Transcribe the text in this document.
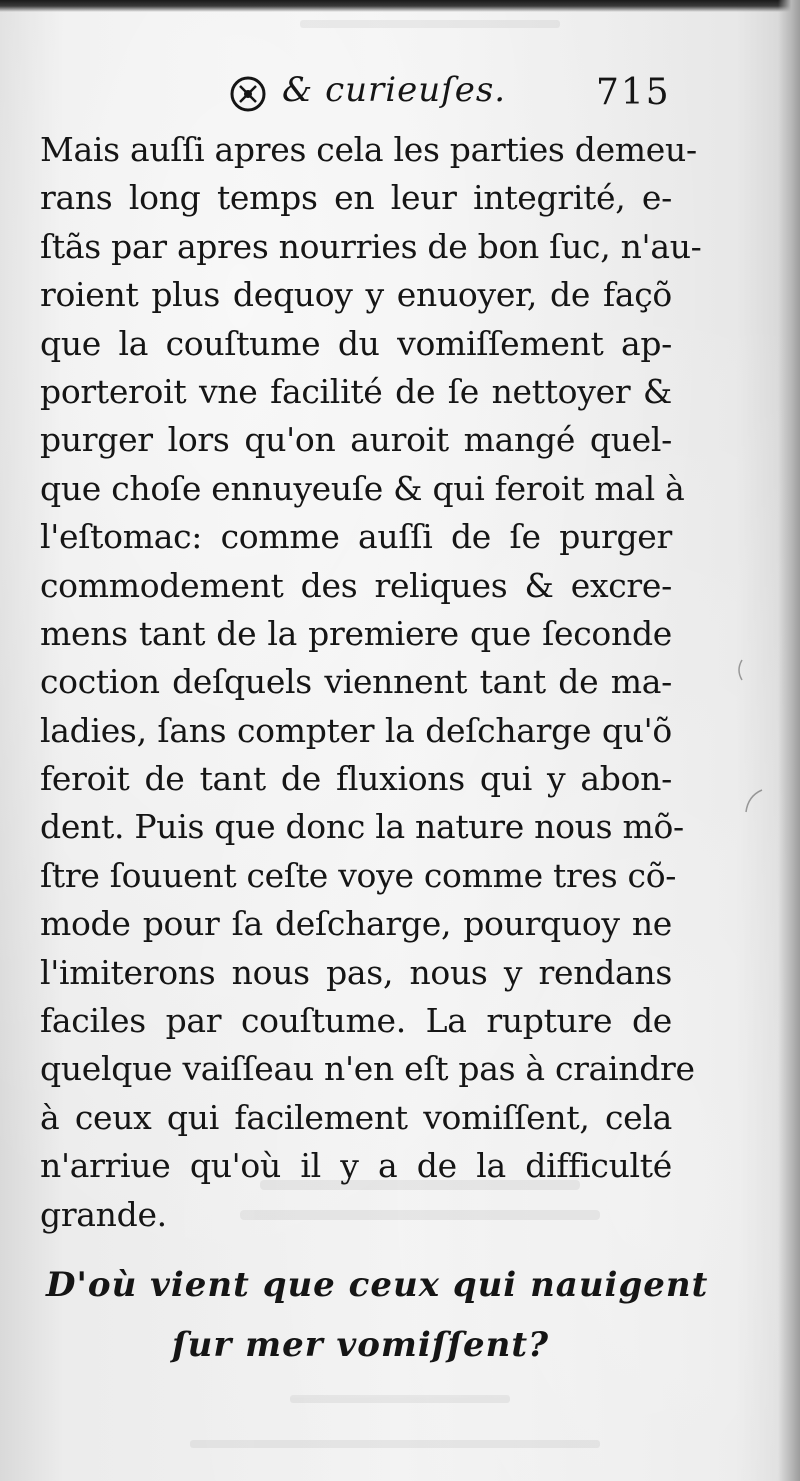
& curieuſes. 715
Mais auſſi apres cela les parties demeu-
rans long temps en leur integrité, e-
ſtãs par apres nourries de bon ſuc, n'au-
roient plus dequoy y enuoyer, de façõ
que la couſtume du vomiſſement ap-
porteroit vne facilité de ſe nettoyer &
purger lors qu'on auroit mangé quel-
que choſe ennuyeuſe & qui feroit mal à
l'eſtomac: comme auſſi de ſe purger
commodement des reliques & excre-
mens tant de la premiere que ſeconde
coction deſquels viennent tant de ma-
ladies, ſans compter la deſcharge qu'õ
feroit de tant de fluxions qui y abon-
dent. Puis que donc la nature nous mõ-
ſtre ſouuent ceſte voye comme tres cõ-
mode pour ſa deſcharge, pourquoy ne
l'imiterons nous pas, nous y rendans
faciles par couſtume. La rupture de
quelque vaiſſeau n'en eſt pas à craindre
à ceux qui facilement vomiſſent, cela
n'arriue qu'où il y a de la difficulté
grande.
D'où vient que ceux qui nauigent
ſur mer vomiſſent?
